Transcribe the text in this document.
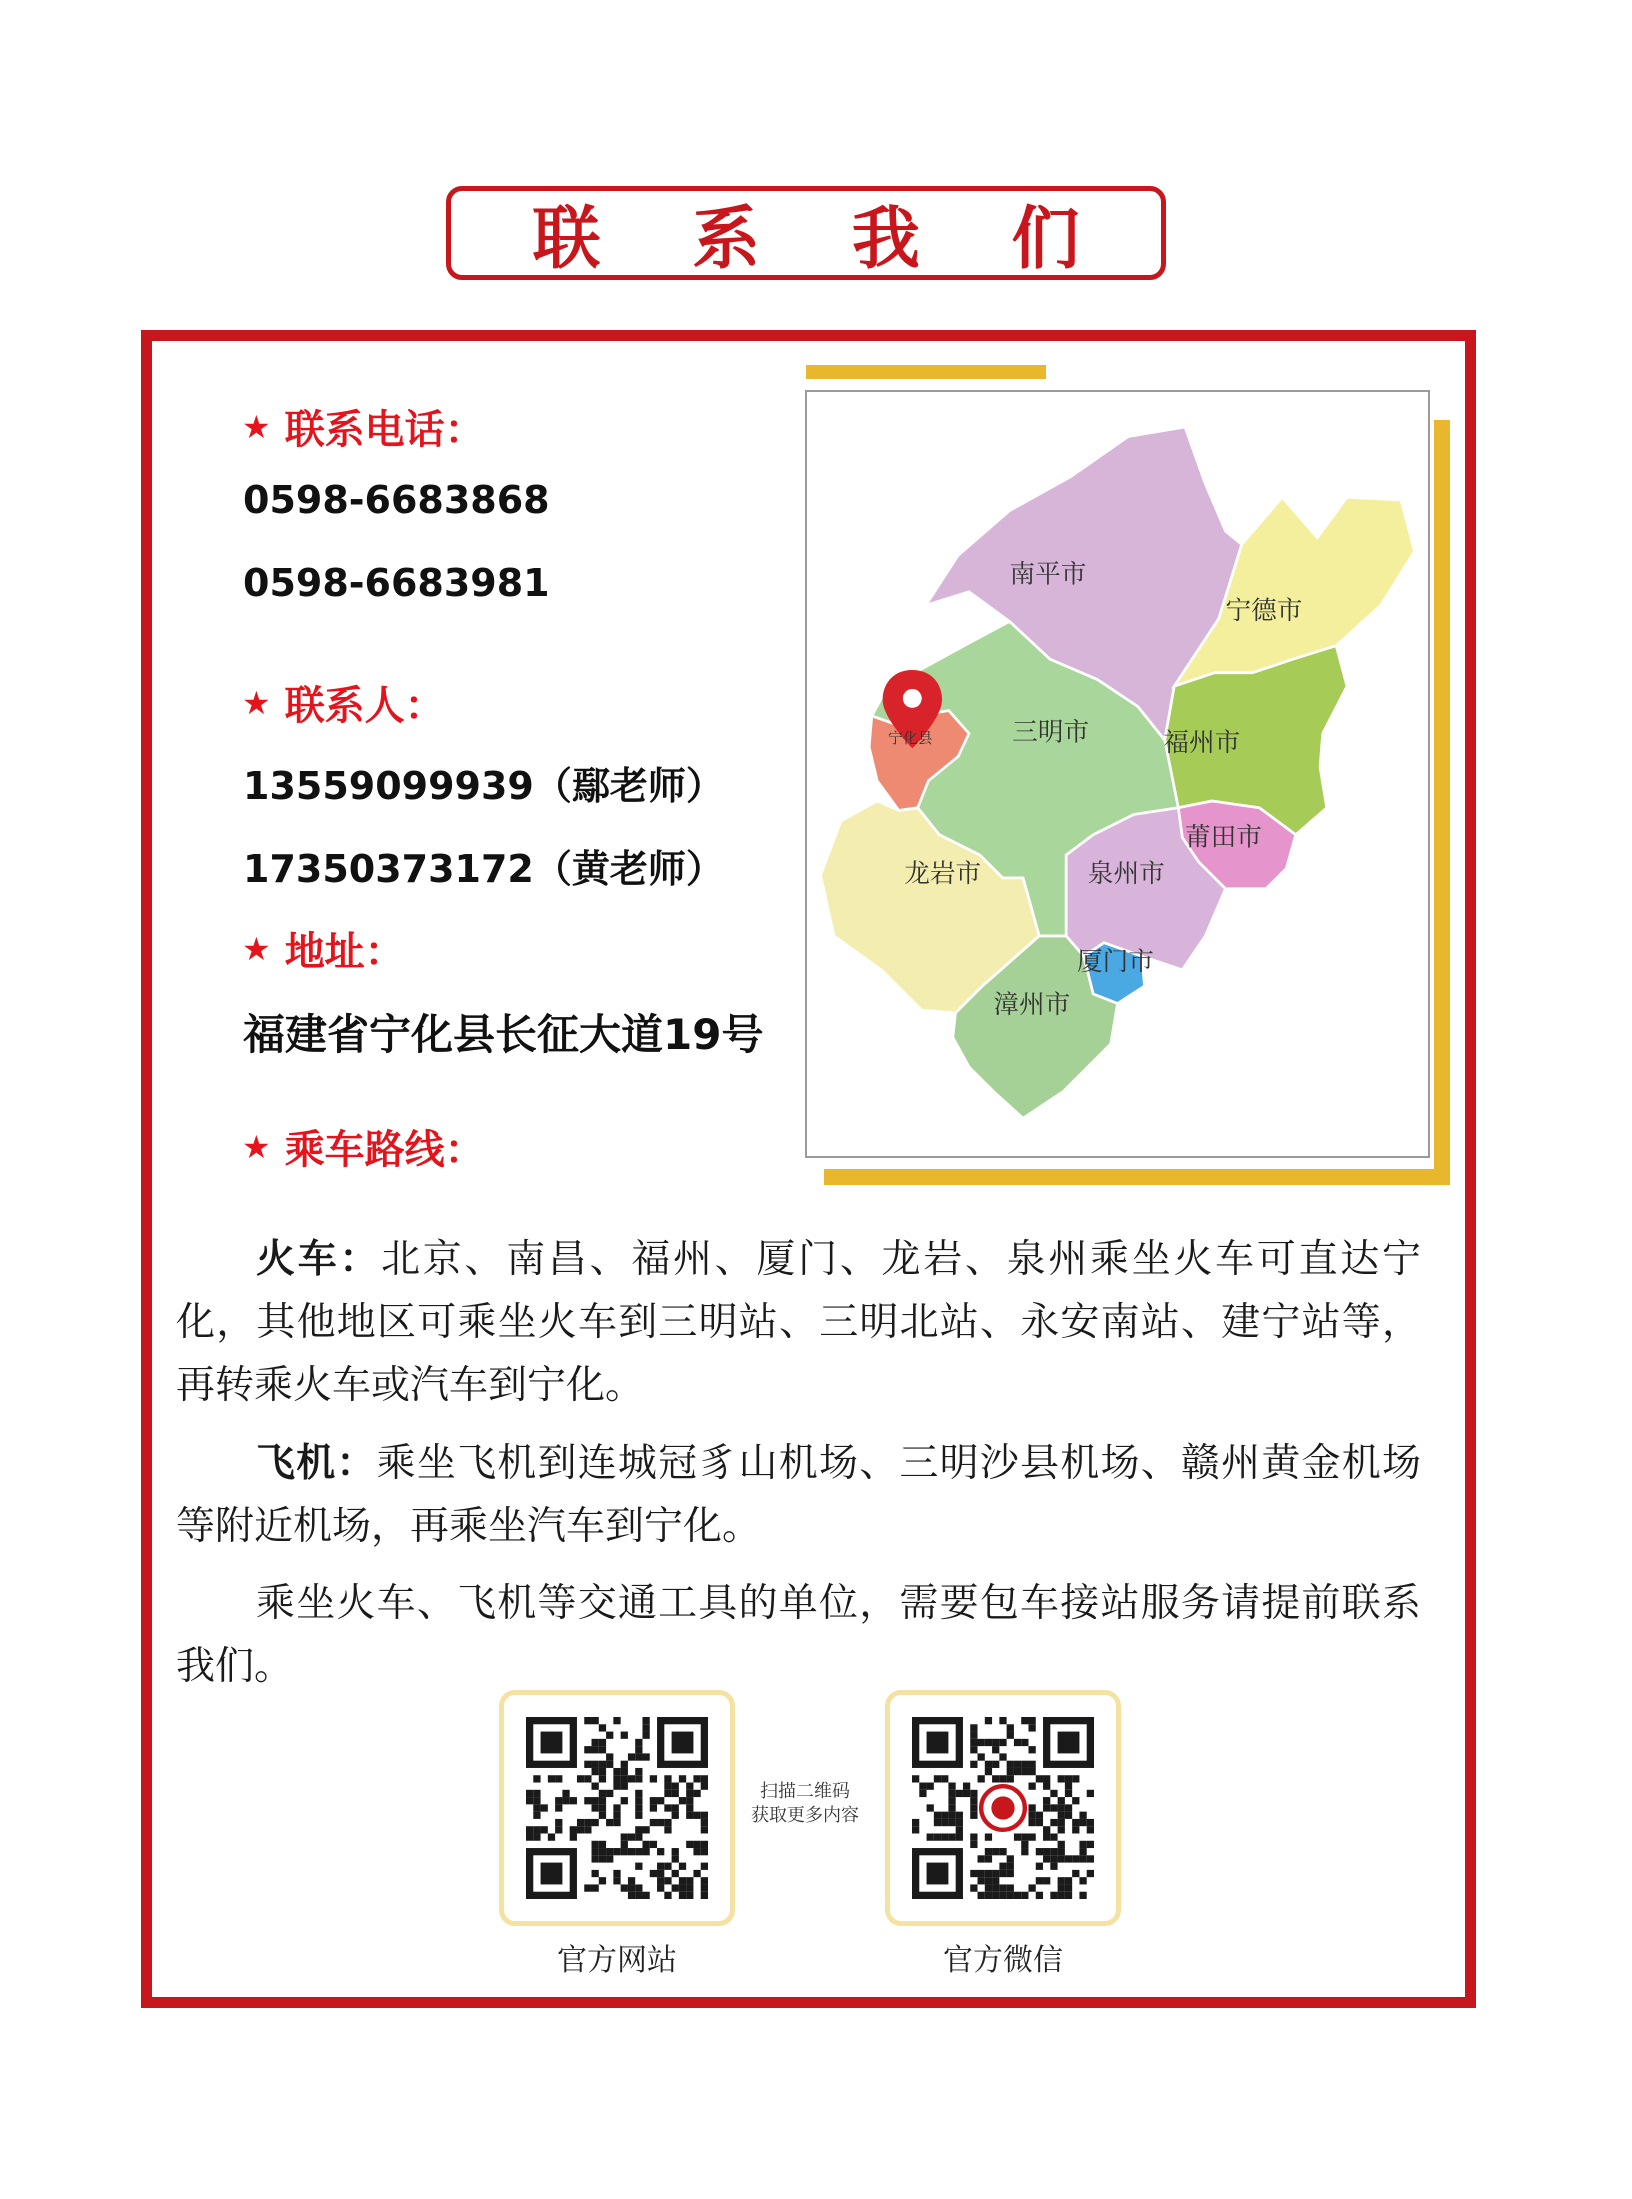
联 系 我 们
★ 联系电话：
0598-6683868
0598-6683981
★ 联系人：
13559099939（鄢老师）
17350373172（黄老师）
★ 地址：
福建省宁化县长征大道19号
★ 乘车路线：
南平市
宁德市
三明市	福州市
莆田市
泉州市
龙岩市
厦门市
漳州市
宁化县

火车：北京、南昌、福州、厦门、龙岩、泉州乘坐火车可直达宁化，其他地区可乘坐火车到三明站、三明北站、永安南站、建宁站等，再转乘火车或汽车到宁化。

飞机：乘坐飞机到连城冠豸山机场、三明沙县机场、赣州黄金机场等附近机场，再乘坐汽车到宁化。

乘坐火车、飞机等交通工具的单位，需要包车接站服务请提前联系我们。

官方网站
扫描二维码
获取更多内容
官方微信
